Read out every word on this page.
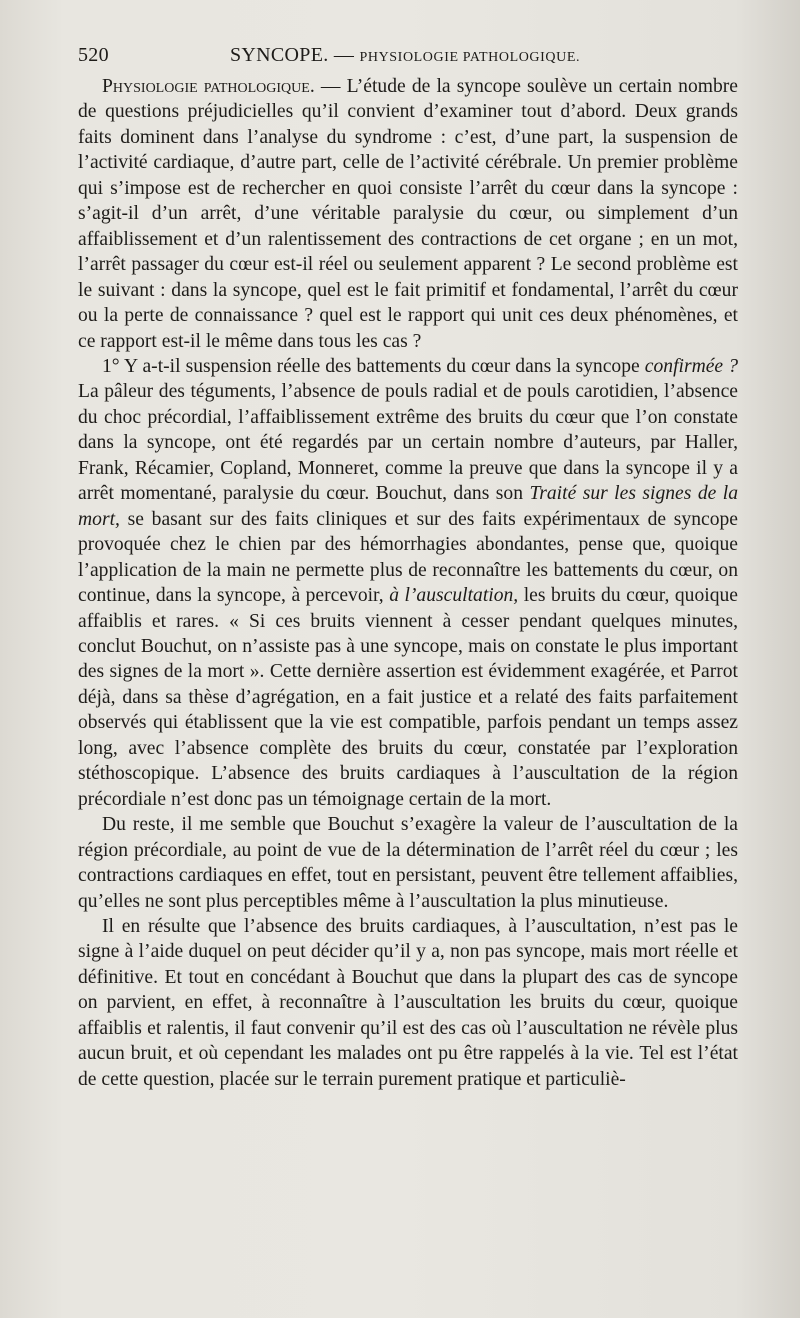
520	SYNCOPE. — PHYSIOLOGIE PATHOLOGIQUE.

Physiologie pathologique. — L’étude de la syncope soulève un certain nombre de questions préjudicielles qu’il convient d’examiner tout d’abord. Deux grands faits dominent dans l’analyse du syndrome : c’est, d’une part, la suspension de l’activité cardiaque, d’autre part, celle de l’activité cérébrale. Un premier problème qui s’impose est de rechercher en quoi consiste l’arrêt du cœur dans la syncope : s’agit-il d’un arrêt, d’une véritable paralysie du cœur, ou simplement d’un affaiblissement et d’un ralentissement des contractions de cet organe ; en un mot, l’arrêt passager du cœur est-il réel ou seulement apparent ? Le second problème est le suivant : dans la syncope, quel est le fait primitif et fondamental, l’arrêt du cœur ou la perte de connaissance ? quel est le rapport qui unit ces deux phénomènes, et ce rapport est-il le même dans tous les cas ?

1° Y a-t-il suspension réelle des battements du cœur dans la syncope confirmée ? La pâleur des téguments, l’absence de pouls radial et de pouls carotidien, l’absence du choc précordial, l’affaiblissement extrême des bruits du cœur que l’on constate dans la syncope, ont été regardés par un certain nombre d’auteurs, par Haller, Frank, Récamier, Copland, Monneret, comme la preuve que dans la syncope il y a arrêt momentané, paralysie du cœur. Bouchut, dans son Traité sur les signes de la mort, se basant sur des faits cliniques et sur des faits expérimentaux de syncope provoquée chez le chien par des hémorrhagies abondantes, pense que, quoique l’application de la main ne permette plus de reconnaître les battements du cœur, on continue, dans la syncope, à percevoir, à l’auscultation, les bruits du cœur, quoique affaiblis et rares. « Si ces bruits viennent à cesser pendant quelques minutes, conclut Bouchut, on n’assiste pas à une syncope, mais on constate le plus important des signes de la mort ». Cette dernière assertion est évidemment exagérée, et Parrot déjà, dans sa thèse d’agrégation, en a fait justice et a relaté des faits parfaitement observés qui établissent que la vie est compatible, parfois pendant un temps assez long, avec l’absence complète des bruits du cœur, constatée par l’exploration stéthoscopique. L’absence des bruits cardiaques à l’auscultation de la région précordiale n’est donc pas un témoignage certain de la mort.

Du reste, il me semble que Bouchut s’exagère la valeur de l’auscultation de la région précordiale, au point de vue de la détermination de l’arrêt réel du cœur ; les contractions cardiaques en effet, tout en persistant, peuvent être tellement affaiblies, qu’elles ne sont plus perceptibles même à l’auscultation la plus minutieuse.

Il en résulte que l’absence des bruits cardiaques, à l’auscultation, n’est pas le signe à l’aide duquel on peut décider qu’il y a, non pas syncope, mais mort réelle et définitive. Et tout en concédant à Bouchut que dans la plupart des cas de syncope on parvient, en effet, à reconnaître à l’auscultation les bruits du cœur, quoique affaiblis et ralentis, il faut convenir qu’il est des cas où l’auscultation ne révèle plus aucun bruit, et où cependant les malades ont pu être rappelés à la vie. Tel est l’état de cette question, placée sur le terrain purement pratique et particuliè-
